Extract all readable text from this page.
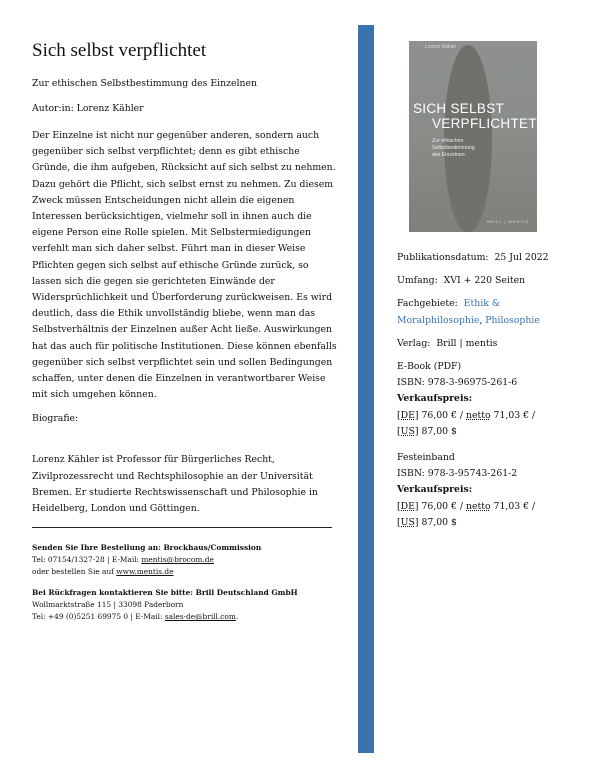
Sich selbst verpflichtet
Zur ethischen Selbstbestimmung des Einzelnen
Autor:in: Lorenz Kähler

Der Einzelne ist nicht nur gegenüber anderen, sondern auch gegenüber sich selbst verpflichtet; denn es gibt ethische Gründe, die ihm aufgeben, Rücksicht auf sich selbst zu nehmen. Dazu gehört die Pflicht, sich selbst ernst zu nehmen. Zu diesem Zweck müssen Entscheidungen nicht allein die eigenen Interessen berücksichtigen, vielmehr soll in ihnen auch die eigene Person eine Rolle spielen. Mit Selbstermiedigungen verfehlt man sich daher selbst. Führt man in dieser Weise Pflichten gegen sich selbst auf ethische Gründe zurück, so lassen sich die gegen sie gerichteten Einwände der Widersprüchlichkeit und Überforderung zurückweisen. Es wird deutlich, dass die Ethik unvollständig bliebe, wenn man das Selbstverhältnis der Einzelnen außer Acht ließe. Auswirkungen hat das auch für politische Institutionen. Diese können ebenfalls gegenüber sich selbst verpflichtet sein und sollen Bedingungen schaffen, unter denen die Einzelnen in verantwortbarer Weise mit sich umgehen können.

Biografie:

Lorenz Kähler ist Professor für Bürgerliches Recht, Zivilprozessrecht und Rechtsphilosophie an der Universität Bremen. Er studierte Rechtswissenschaft und Philosophie in Heidelberg, London und Göttingen.

Senden Sie Ihre Bestellung an: Brockhaus/Commission
Tel: 07154/1327-28 | E-Mail: mentis@brocom.de
oder bestellen Sie auf www.mentis.de
Bei Rückfragen kontaktieren Sie bitte: Brill Deutschland GmbH
Wollmarktstraße 115 | 33098 Paderborn
Tel: +49 (0)5251 69975 0 | E-Mail: sales-de@brill.com.
Lorenz Kähler
SICH SELBST
VERPFLICHTET
Zur ethischen
Selbstbestimmung
des Einzelnen
BRILL | MENTIS
Publikationsdatum: 25 Jul 2022
Umfang: XVI + 220 Seiten
Fachgebiete: Ethik &
Moralphilosophie, Philosophie
Verlag: Brill | mentis
E-Book (PDF)
ISBN: 978-3-96975-261-6
Verkaufspreis:
[DE] 76,00 € / netto 71,03 € /
[US] 87,00 $
Festeinband
ISBN: 978-3-95743-261-2
Verkaufspreis:
[DE] 76,00 € / netto 71,03 € /
[US] 87,00 $
